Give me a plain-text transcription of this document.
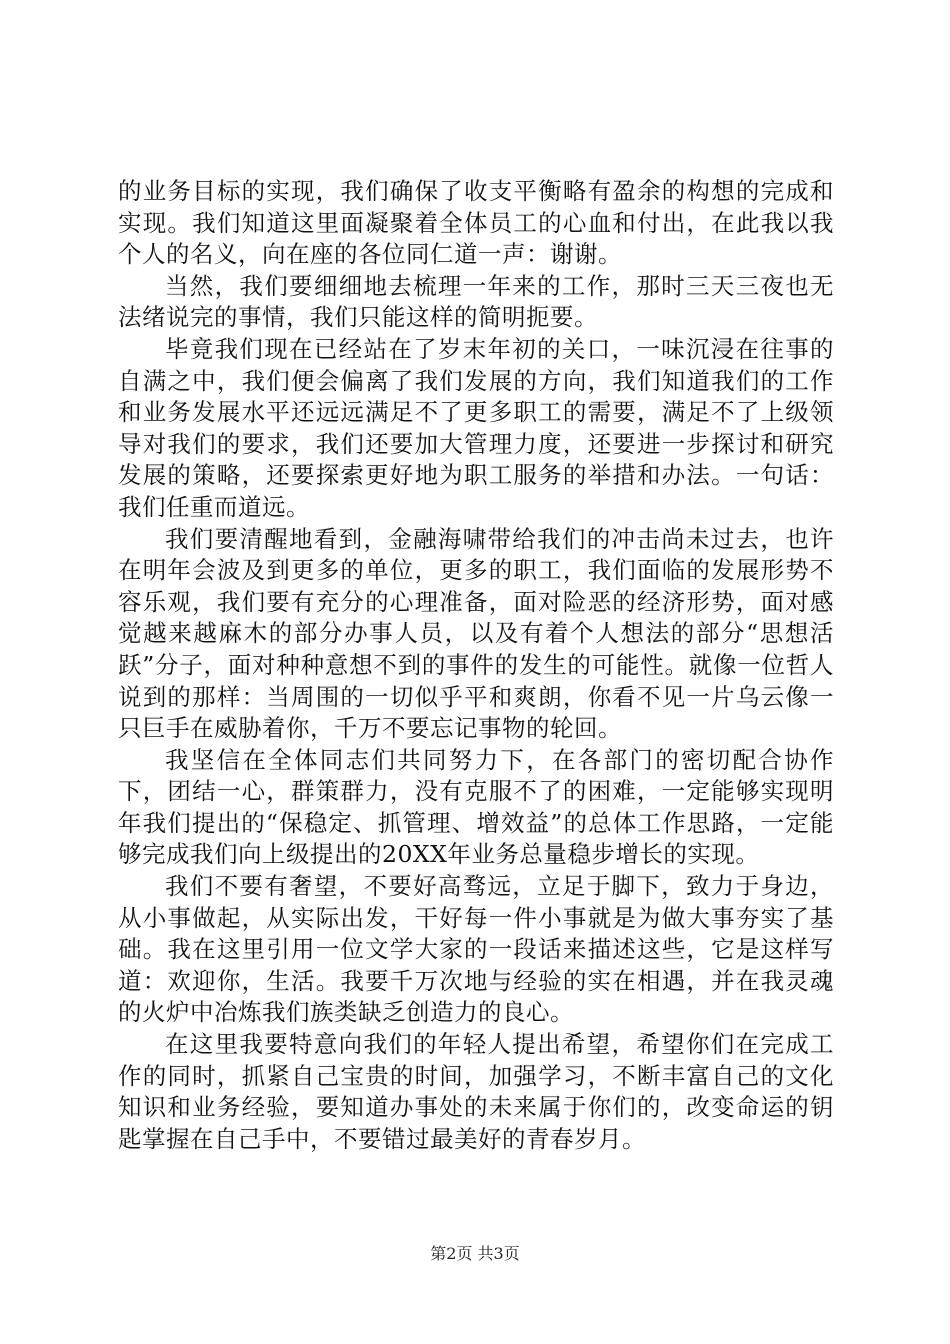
的业务目标的实现，我们确保了收支平衡略有盈余的构想的完成和实现。我们知道这里面凝聚着全体员工的心血和付出，在此我以我个人的名义，向在座的各位同仁道一声：谢谢。

当然，我们要细细地去梳理一年来的工作，那时三天三夜也无法绪说完的事情，我们只能这样的简明扼要。

毕竟我们现在已经站在了岁末年初的关口，一味沉浸在往事的自满之中，我们便会偏离了我们发展的方向，我们知道我们的工作和业务发展水平还远远满足不了更多职工的需要，满足不了上级领导对我们的要求，我们还要加大管理力度，还要进一步探讨和研究发展的策略，还要探索更好地为职工服务的举措和办法。一句话：我们任重而道远。

我们要清醒地看到，金融海啸带给我们的冲击尚未过去，也许在明年会波及到更多的单位，更多的职工，我们面临的发展形势不容乐观，我们要有充分的心理准备，面对险恶的经济形势，面对感觉越来越麻木的部分办事人员，以及有着个人想法的部分“思想活跃”分子，面对种种意想不到的事件的发生的可能性。就像一位哲人说到的那样：当周围的一切似乎平和爽朗，你看不见一片乌云像一只巨手在威胁着你，千万不要忘记事物的轮回。

我坚信在全体同志们共同努力下，在各部门的密切配合协作下，团结一心，群策群力，没有克服不了的困难，一定能够实现明年我们提出的“保稳定、抓管理、增效益”的总体工作思路，一定能够完成我们向上级提出的20XX年业务总量稳步增长的实现。

我们不要有奢望，不要好高骛远，立足于脚下，致力于身边，从小事做起，从实际出发，干好每一件小事就是为做大事夯实了基础。我在这里引用一位文学大家的一段话来描述这些，它是这样写道：欢迎你，生活。我要千万次地与经验的实在相遇，并在我灵魂的火炉中冶炼我们族类缺乏创造力的良心。

在这里我要特意向我们的年轻人提出希望，希望你们在完成工作的同时，抓紧自己宝贵的时间，加强学习，不断丰富自己的文化知识和业务经验，要知道办事处的未来属于你们的，改变命运的钥匙掌握在自己手中，不要错过最美好的青春岁月。

第2页 共3页
